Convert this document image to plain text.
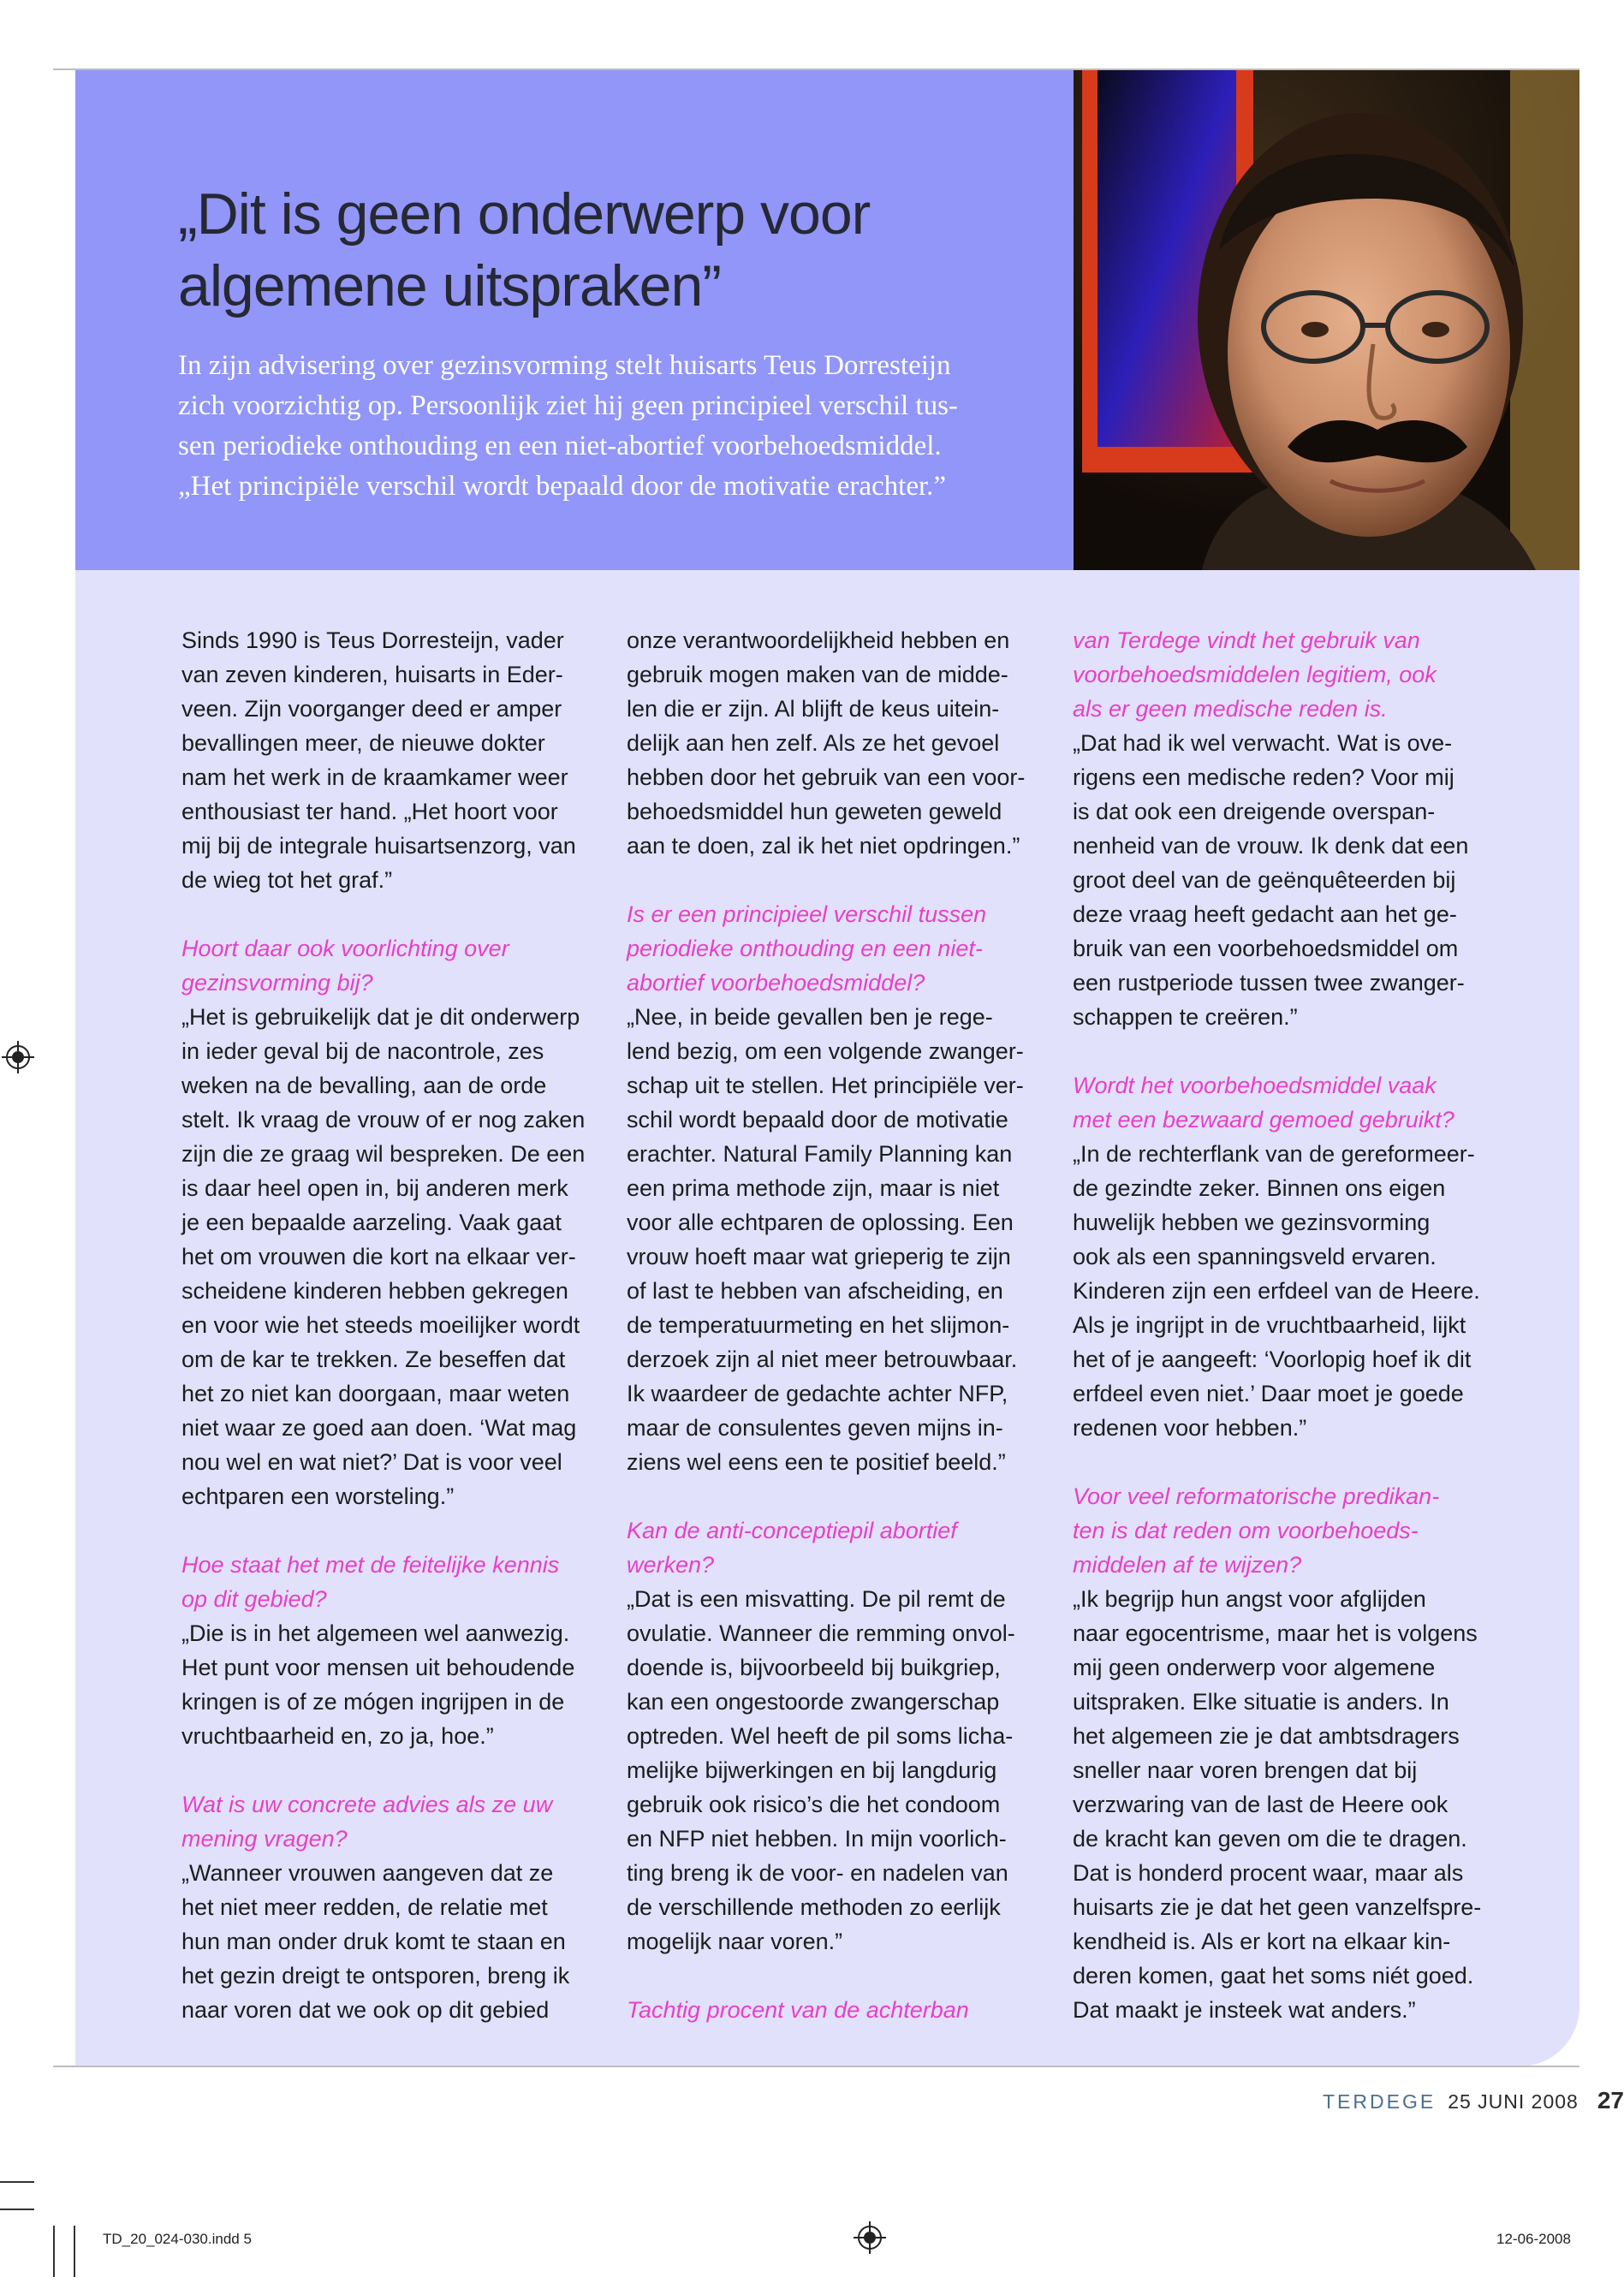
„Dit is geen onderwerp voor
algemene uitspraken”
In zijn advisering over gezinsvorming stelt huisarts Teus Dorresteijn
zich voorzichtig op. Persoonlijk ziet hij geen principieel verschil tus-
sen periodieke onthouding en een niet-abortief voorbehoedsmiddel.
„Het principiële verschil wordt bepaald door de motivatie erachter.”
Sinds 1990 is Teus Dorresteijn, vader
van zeven kinderen, huisarts in Eder-
veen. Zijn voorganger deed er amper
bevallingen meer, de nieuwe dokter
nam het werk in de kraamkamer weer
enthousiast ter hand. „Het hoort voor
mij bij de integrale huisartsenzorg, van
de wieg tot het graf.”
Hoort daar ook voorlichting over
gezinsvorming bij?
„Het is gebruikelijk dat je dit onderwerp
in ieder geval bij de nacontrole, zes
weken na de bevalling, aan de orde
stelt. Ik vraag de vrouw of er nog zaken
zijn die ze graag wil bespreken. De een
is daar heel open in, bij anderen merk
je een bepaalde aarzeling. Vaak gaat
het om vrouwen die kort na elkaar ver-
scheidene kinderen hebben gekregen
en voor wie het steeds moeilijker wordt
om de kar te trekken. Ze beseffen dat
het zo niet kan doorgaan, maar weten
niet waar ze goed aan doen. ‘Wat mag
nou wel en wat niet?’ Dat is voor veel
echtparen een worsteling.”
Hoe staat het met de feitelijke kennis
op dit gebied?
„Die is in het algemeen wel aanwezig.
Het punt voor mensen uit behoudende
kringen is of ze mógen ingrijpen in de
vruchtbaarheid en, zo ja, hoe.”
Wat is uw concrete advies als ze uw
mening vragen?
„Wanneer vrouwen aangeven dat ze
het niet meer redden, de relatie met
hun man onder druk komt te staan en
het gezin dreigt te ontsporen, breng ik
naar voren dat we ook op dit gebied
onze verantwoordelijkheid hebben en
gebruik mogen maken van de midde-
len die er zijn. Al blijft de keus uitein-
delijk aan hen zelf. Als ze het gevoel
hebben door het gebruik van een voor-
behoedsmiddel hun geweten geweld
aan te doen, zal ik het niet opdringen.”
Is er een principieel verschil tussen
periodieke onthouding en een niet-
abortief voorbehoedsmiddel?
„Nee, in beide gevallen ben je rege-
lend bezig, om een volgende zwanger-
schap uit te stellen. Het principiële ver-
schil wordt bepaald door de motivatie
erachter. Natural Family Planning kan
een prima methode zijn, maar is niet
voor alle echtparen de oplossing. Een
vrouw hoeft maar wat grieperig te zijn
of last te hebben van afscheiding, en
de temperatuurmeting en het slijmon-
derzoek zijn al niet meer betrouwbaar.
Ik waardeer de gedachte achter NFP,
maar de consulentes geven mijns in-
ziens wel eens een te positief beeld.”
Kan de anti-conceptiepil abortief
werken?
„Dat is een misvatting. De pil remt de
ovulatie. Wanneer die remming onvol-
doende is, bijvoorbeeld bij buikgriep,
kan een ongestoorde zwangerschap
optreden. Wel heeft de pil soms licha-
melijke bijwerkingen en bij langdurig
gebruik ook risico’s die het condoom
en NFP niet hebben. In mijn voorlich-
ting breng ik de voor- en nadelen van
de verschillende methoden zo eerlijk
mogelijk naar voren.”
Tachtig procent van de achterban
van Terdege vindt het gebruik van
voorbehoedsmiddelen legitiem, ook
als er geen medische reden is.
„Dat had ik wel verwacht. Wat is ove-
rigens een medische reden? Voor mij
is dat ook een dreigende overspan-
nenheid van de vrouw. Ik denk dat een
groot deel van de geënquêteerden bij
deze vraag heeft gedacht aan het ge-
bruik van een voorbehoedsmiddel om
een rustperiode tussen twee zwanger-
schappen te creëren.”
Wordt het voorbehoedsmiddel vaak
met een bezwaard gemoed gebruikt?
„In de rechterflank van de gereformeer-
de gezindte zeker. Binnen ons eigen
huwelijk hebben we gezinsvorming
ook als een spanningsveld ervaren.
Kinderen zijn een erfdeel van de Heere.
Als je ingrijpt in de vruchtbaarheid, lijkt
het of je aangeeft: ‘Voorlopig hoef ik dit
erfdeel even niet.’ Daar moet je goede
redenen voor hebben.”
Voor veel reformatorische predikan-
ten is dat reden om voorbehoeds-
middelen af te wijzen?
„Ik begrijp hun angst voor afglijden
naar egocentrisme, maar het is volgens
mij geen onderwerp voor algemene
uitspraken. Elke situatie is anders. In
het algemeen zie je dat ambtsdragers
sneller naar voren brengen dat bij
verzwaring van de last de Heere ook
de kracht kan geven om die te dragen.
Dat is honderd procent waar, maar als
huisarts zie je dat het geen vanzelfspre-
kendheid is. Als er kort na elkaar kin-
deren komen, gaat het soms niét goed.
Dat maakt je insteek wat anders.”
TERDEGE 25 JUNI 2008 27
TD_20_024-030.indd 5	12-06-2008
